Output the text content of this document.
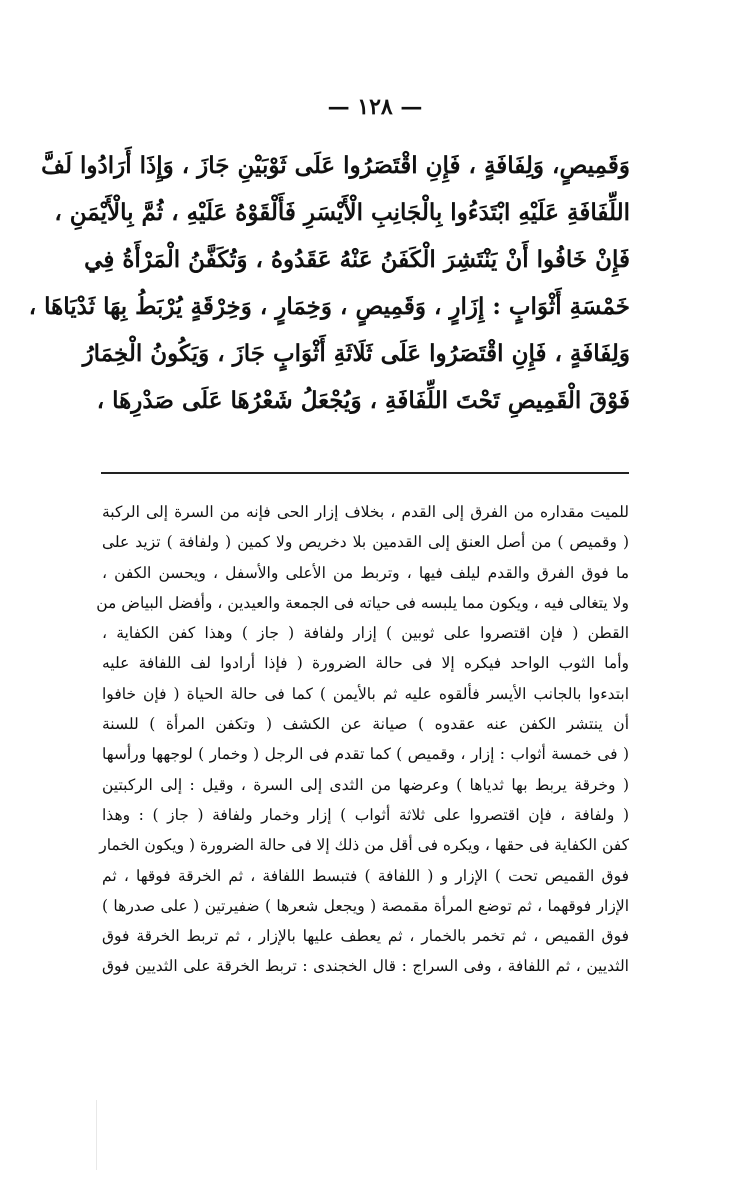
— ١٢٨ —
وَقَمِيصٍ، وَلِفَافَةٍ ، فَإِنِ اقْتَصَرُوا عَلَى ثَوْبَيْنِ جَازَ ، وَإِذَا أَرَادُوا لَفَّ
اللِّفَافَةِ عَلَيْهِ ابْتَدَءُوا بِالْجَانِبِ الْأَيْسَرِ فَأَلْقَوْهُ عَلَيْهِ ، ثُمَّ بِالْأَيْمَنِ ،
فَإِنْ خَافُوا أَنْ يَنْتَشِرَ الْكَفَنُ عَنْهُ عَقَدُوهُ ، وَتُكَفَّنُ الْمَرْأَةُ فِي
خَمْسَةِ أَثْوَابٍ : إِزَارٍ ، وَقَمِيصٍ ، وَخِمَارٍ ، وَخِرْقَةٍ يُرْبَطُ بِهَا ثَدْيَاهَا ،
وَلِفَافَةٍ ، فَإِنِ اقْتَصَرُوا عَلَى ثَلَاثَةِ أَثْوَابٍ جَازَ ، وَيَكُونُ الْخِمَارُ
فَوْقَ الْقَمِيصِ تَحْتَ اللِّفَافَةِ ، وَيُجْعَلُ شَعْرُهَا عَلَى صَدْرِهَا ،
للميت مقداره من الفرق إلى القدم ، بخلاف إزار الحى فإنه من السرة إلى الركبة
( وقميص ) من أصل العنق إلى القدمين بلا دخريص ولا كمين ( ولفافة ) تزيد على
ما فوق الفرق والقدم ليلف فيها ، وتربط من الأعلى والأسفل ، ويحسن الكفن ،
ولا يتغالى فيه ، ويكون مما يلبسه فى حياته فى الجمعة والعيدين ، وأفضل البياض من
القطن ( فإن اقتصروا على ثوبين ) إزار ولفافة ( جاز ) وهذا كفن الكفاية ،
وأما الثوب الواحد فيكره إلا فى حالة الضرورة ( فإذا أرادوا لف اللفافة عليه
ابتدءوا بالجانب الأيسر فألقوه عليه ثم بالأيمن ) كما فى حالة الحياة ( فإن خافوا
أن ينتشر الكفن عنه عقدوه ) صيانة عن الكشف ( وتكفن المرأة ) للسنة
( فى خمسة أثواب : إزار ، وقميص ) كما تقدم فى الرجل ( وخمار ) لوجهها ورأسها
( وخرقة يربط بها ثدياها ) وعرضها من الثدى إلى السرة ، وقيل : إلى الركبتين
( ولفافة ، فإن اقتصروا على ثلاثة أثواب ) إزار وخمار ولفافة ( جاز ) : وهذا
كفن الكفاية فى حقها ، ويكره فى أقل من ذلك إلا فى حالة الضرورة ( ويكون الخمار
فوق القميص تحت ) الإزار و ( اللفافة ) فتبسط اللفافة ، ثم الخرقة فوقها ، ثم
الإزار فوقهما ، ثم توضع المرأة مقمصة ( ويجعل شعرها ) ضفيرتين ( على صدرها )
فوق القميص ، ثم تخمر بالخمار ، ثم يعطف عليها بالإزار ، ثم تربط الخرقة فوق
الثديين ، ثم اللفافة ، وفى السراج : قال الخجندى : تربط الخرقة على الثديين فوق
